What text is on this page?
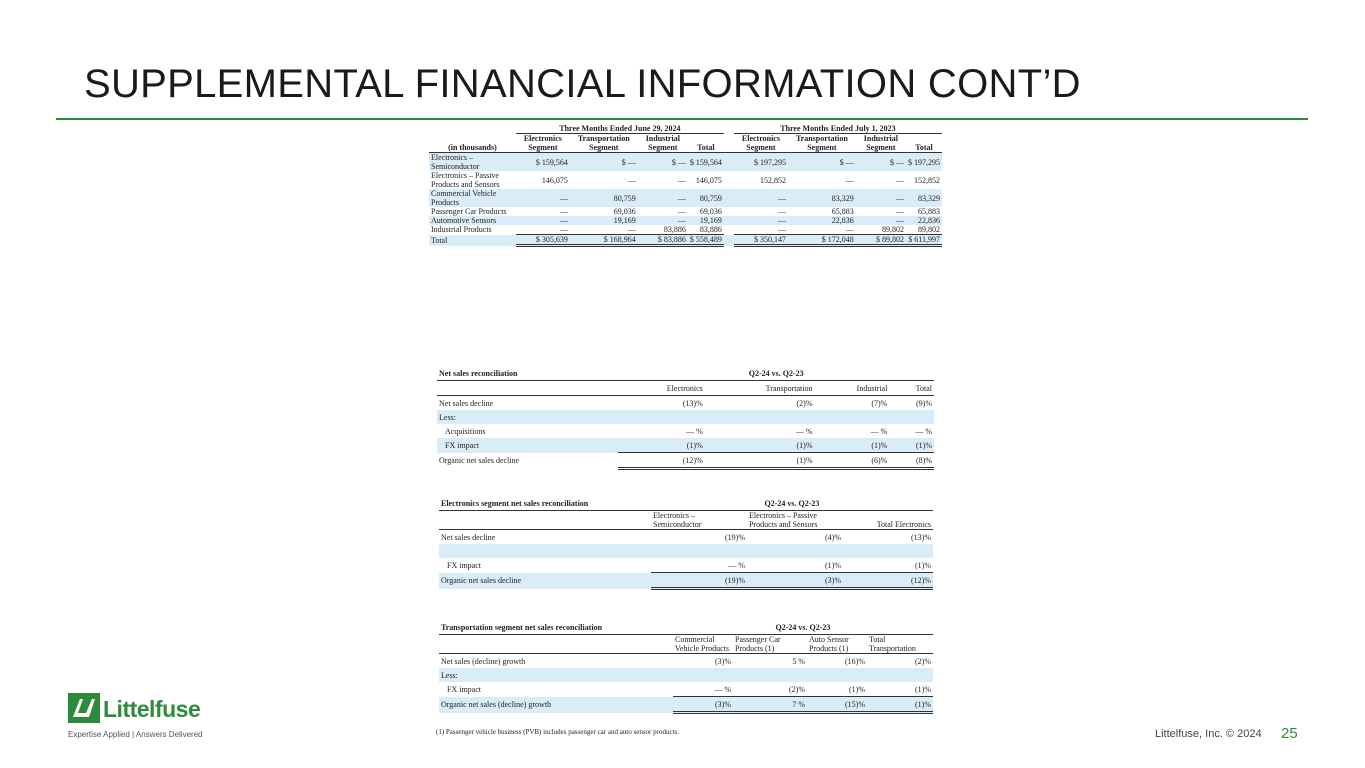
SUPPLEMENTAL FINANCIAL INFORMATION CONT’D
	Three Months Ended June 29, 2024					Three Months Ended July 1, 2023			
(in thousands)	Electronics Segment	Transportation Segment	Industrial Segment	Total		Electronics Segment	Transportation Segment	Industrial Segment	Total
Electronics – Semiconductor	$ 159,564	$ —	$ —	$ 159,564		$ 197,295	$ —	$ —	$ 197,295
Electronics – Passive Products and Sensors	146,075	—	—	146,075		152,852	—	—	152,852
Commercial Vehicle Products	—	80,759	—	80,759		—	83,329	—	83,329
Passenger Car Products	—	69,036	—	69,036		—	65,883	—	65,883
Automotive Sensors	—	19,169	—	19,169		—	22,836	—	22,836
Industrial Products	—	—	83,886	83,886		—	—	89,802	89,802
Total	$ 305,639	$ 168,964	$ 83,886	$ 558,489		$ 350,147	$ 172,048	$ 89,802	$ 611,997
Net sales reconciliation	Q2-24 vs. Q2-23			
	Electronics	Transportation	Industrial	Total
Net sales decline	(13)%	(2)%	(7)%	(9)%
Less:				
Acquisitions	— %	— %	— %	— %
FX impact	(1)%	(1)%	(1)%	(1)%
Organic net sales decline	(12)%	(1)%	(6)%	(8)%
Electronics segment net sales reconciliation	Q2-24 vs. Q2-23		
	Electronics – Semiconductor	Electronics – Passive Products and Sensors	Total Electronics
Net sales decline	(19)%	(4)%	(13)%

FX impact	— %	(1)%	(1)%
Organic net sales decline	(19)%	(3)%	(12)%
Transportation segment net sales reconciliation	Q2-24 vs. Q2-23			
	Commercial Vehicle Products	Passenger Car Products (1)	Auto Sensor Products (1)	Total Transportation
Net sales (decline) growth	(3)%	5 %	(16)%	(2)%
Less:				
FX impact	— %	(2)%	(1)%	(1)%
Organic net sales (decline) growth	(3)%	7 %	(15)%	(1)%
(1) Passenger vehicle business (PVB) includes passenger car and auto sensor products.
Littelfuse
Expertise Applied | Answers Delivered	Littelfuse, Inc. © 2024 25
